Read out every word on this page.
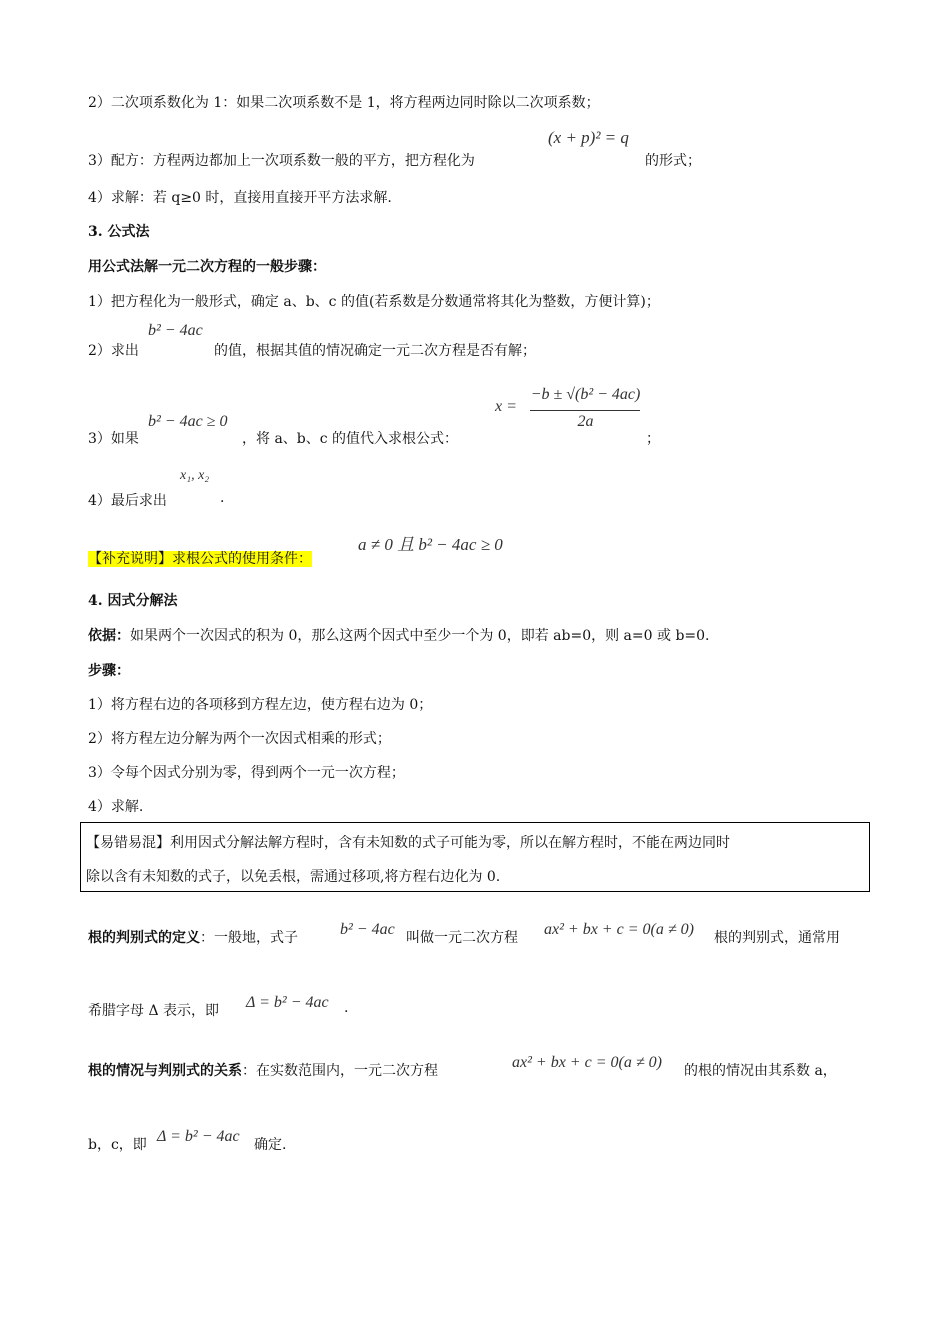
2）二次项系数化为 1：如果二次项系数不是 1，将方程两边同时除以二次项系数；
3）配方：方程两边都加上一次项系数一般的平方，把方程化为
(x + p)² = q
的形式；
4）求解：若 q≥0 时，直接用直接开平方法求解.
3. 公式法
用公式法解一元二次方程的一般步骤：
1）把方程化为一般形式，确定 a、b、c 的值(若系数是分数通常将其化为整数，方便计算)；
2）求出
b² − 4ac
的值，根据其值的情况确定一元二次方程是否有解；
3）如果
b² − 4ac ≥ 0
，将 a、b、c 的值代入求根公式：
x =
−b ± √(b² − 4ac)
2a
；
4）最后求出
x₁, x₂
.
【补充说明】求根公式的使用条件：
a ≠ 0 且 b² − 4ac ≥ 0
4. 因式分解法
依据：如果两个一次因式的积为 0，那么这两个因式中至少一个为 0，即若 ab=0，则 a=0 或 b=0.
步骤：
1）将方程右边的各项移到方程左边，使方程右边为 0；
2）将方程左边分解为两个一次因式相乘的形式；
3）令每个因式分别为零，得到两个一元一次方程；
4）求解.
【易错易混】利用因式分解法解方程时，含有未知数的式子可能为零，所以在解方程时，不能在两边同时
除以含有未知数的式子，以免丢根，需通过移项,将方程右边化为 0.
根的判别式的定义：一般地，式子	b² − 4ac 叫做一元二次方程 ax² + bx + c = 0(a ≠ 0) 根的判别式，通常用
希腊字母 Δ 表示，即 Δ = b² − 4ac .
根的情况与判别式的关系：在实数范围内，一元二次方程	ax² + bx + c = 0(a ≠ 0) 的根的情况由其系数 a，
b，c，即 Δ = b² − 4ac 确定.
